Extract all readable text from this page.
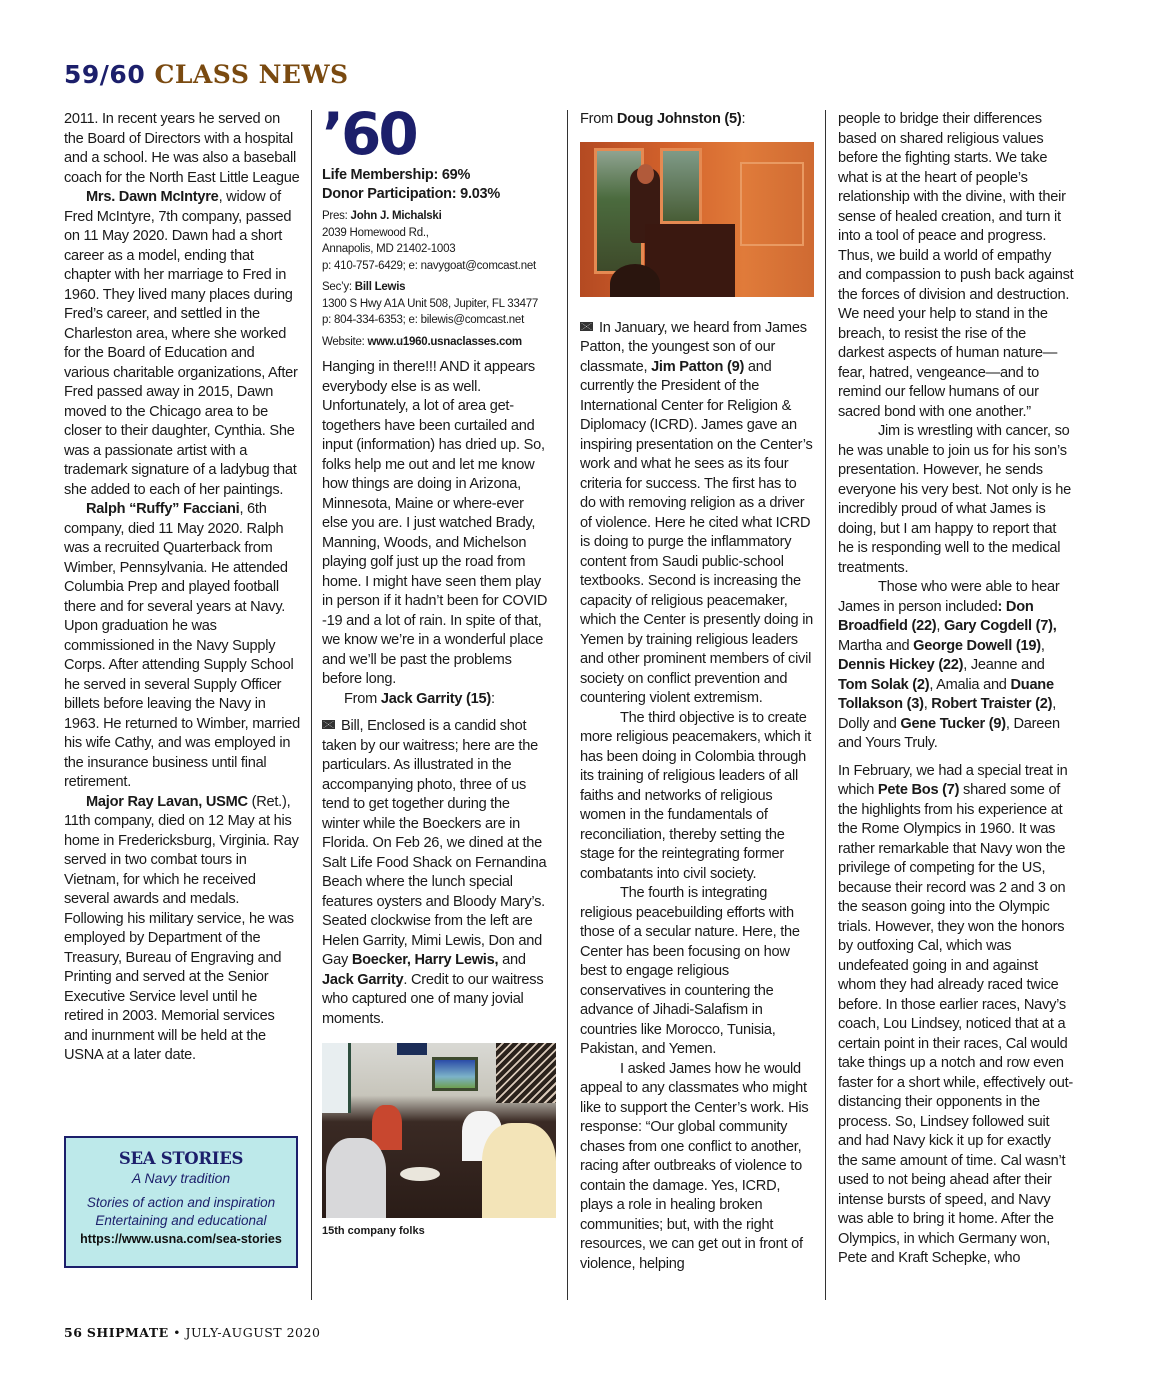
59/60 CLASS NEWS

2011. In recent years he served on the Board of Directors with a hospital and a school. He was also a baseball coach for the North East Little League

Mrs. Dawn McIntyre, widow of Fred McIntyre, 7th company, passed on 11 May 2020. Dawn had a short career as a model, ending that chapter with her marriage to Fred in 1960. They lived many places during Fred’s career, and settled in the Charleston area, where she worked for the Board of Education and various charitable organizations, After Fred passed away in 2015, Dawn moved to the Chicago area to be closer to their daughter, Cynthia. She was a passionate artist with a trademark signature of a ladybug that she added to each of her paintings.

Ralph “Ruffy” Facciani, 6th company, died 11 May 2020. Ralph was a recruited Quarterback from Wimber, Pennsylvania. He attended Columbia Prep and played football there and for several years at Navy. Upon graduation he was commissioned in the Navy Supply Corps. After attending Supply School he served in several Supply Officer billets before leaving the Navy in 1963. He returned to Wimber, married his wife Cathy, and was employed in the insurance business until final retirement.

Major Ray Lavan, USMC (Ret.), 11th company, died on 12 May at his home in Fredericksburg, Virginia. Ray served in two combat tours in Vietnam, for which he received several awards and medals. Following his military service, he was employed by Department of the Treasury, Bureau of Engraving and Printing and served at the Senior Executive Service level until he retired in 2003. Memorial services and inurnment will be held at the USNA at a later date.

SEA STORIES
A Navy tradition
Stories of action and inspiration
Entertaining and educational
https://www.usna.com/sea-stories
’60
Life Membership: 69%
Donor Participation: 9.03%
Pres: John J. Michalski
2039 Homewood Rd.,
Annapolis, MD 21402-1003
p: 410-757-6429; e: navygoat@comcast.net
Sec’y: Bill Lewis
1300 S Hwy A1A Unit 508, Jupiter, FL 33477
p: 804-334-6353; e: bilewis@comcast.net
Website: www.u1960.usnaclasses.com

Hanging in there!!! AND it appears everybody else is as well. Unfortunately, a lot of area get-togethers have been curtailed and input (information) has dried up. So, folks help me out and let me know how things are doing in Arizona, Minnesota, Maine or where-ever else you are. I just watched Brady, Manning, Woods, and Michelson playing golf just up the road from home. I might have seen them play in person if it hadn’t been for COVID -19 and a lot of rain. In spite of that, we know we’re in a wonderful place and we’ll be past the problems before long.

From Jack Garrity (15):

Bill, Enclosed is a candid shot taken by our waitress; here are the particulars. As illustrated in the accompanying photo, three of us tend to get together during the winter while the Boeckers are in Florida. On Feb 26, we dined at the Salt Life Food Shack on Fernandina Beach where the lunch special features oysters and Bloody Mary’s. Seated clockwise from the left are Helen Garrity, Mimi Lewis, Don and Gay Boecker, Harry Lewis, and Jack Garrity. Credit to our waitress who captured one of many jovial moments.

15th company folks

From Doug Johnston (5):

In January, we heard from James Patton, the youngest son of our classmate, Jim Patton (9) and currently the President of the International Center for Religion & Diplomacy (ICRD). James gave an inspiring presentation on the Center’s work and what he sees as its four criteria for success. The first has to do with removing religion as a driver of violence. Here he cited what ICRD is doing to purge the inflammatory content from Saudi public-school textbooks. Second is increasing the capacity of religious peacemaker, which the Center is presently doing in Yemen by training religious leaders and other prominent members of civil society on conflict prevention and countering violent extremism.

The third objective is to create more religious peacemakers, which it has been doing in Colombia through its training of religious leaders of all faiths and networks of religious women in the fundamentals of reconciliation, thereby setting the stage for the reintegrating former combatants into civil society.

The fourth is integrating religious peacebuilding efforts with those of a secular nature. Here, the Center has been focusing on how best to engage religious conservatives in countering the advance of Jihadi-Salafism in countries like Morocco, Tunisia, Pakistan, and Yemen.

I asked James how he would appeal to any classmates who might like to support the Center’s work. His response: “Our global community chases from one conflict to another, racing after outbreaks of violence to contain the damage. Yes, ICRD, plays a role in healing broken communities; but, with the right resources, we can get out in front of violence, helping

people to bridge their differences based on shared religious values before the fighting starts. We take what is at the heart of people’s relationship with the divine, with their sense of healed creation, and turn it into a tool of peace and progress. Thus, we build a world of empathy and compassion to push back against the forces of division and destruction. We need your help to stand in the breach, to resist the rise of the darkest aspects of human nature—fear, hatred, vengeance—and to remind our fellow humans of our sacred bond with one another.”

Jim is wrestling with cancer, so he was unable to join us for his son’s presentation. However, he sends everyone his very best. Not only is he incredibly proud of what James is doing, but I am happy to report that he is responding well to the medical treatments.

Those who were able to hear James in person included: Don Broadfield (22), Gary Cogdell (7), Martha and George Dowell (19), Dennis Hickey (22), Jeanne and Tom Solak (2), Amalia and Duane Tollakson (3), Robert Traister (2), Dolly and Gene Tucker (9), Dareen and Yours Truly.

In February, we had a special treat in which Pete Bos (7) shared some of the highlights from his experience at the Rome Olympics in 1960. It was rather remarkable that Navy won the privilege of competing for the US, because their record was 2 and 3 on the season going into the Olympic trials. However, they won the honors by outfoxing Cal, which was undefeated going in and against whom they had already raced twice before. In those earlier races, Navy’s coach, Lou Lindsey, noticed that at a certain point in their races, Cal would take things up a notch and row even faster for a short while, effectively out-distancing their opponents in the process. So, Lindsey followed suit and had Navy kick it up for exactly the same amount of time. Cal wasn’t used to not being ahead after their intense bursts of speed, and Navy was able to bring it home. After the Olympics, in which Germany won, Pete and Kraft Schepke, who

56 SHIPMATE • JULY-AUGUST 2020
